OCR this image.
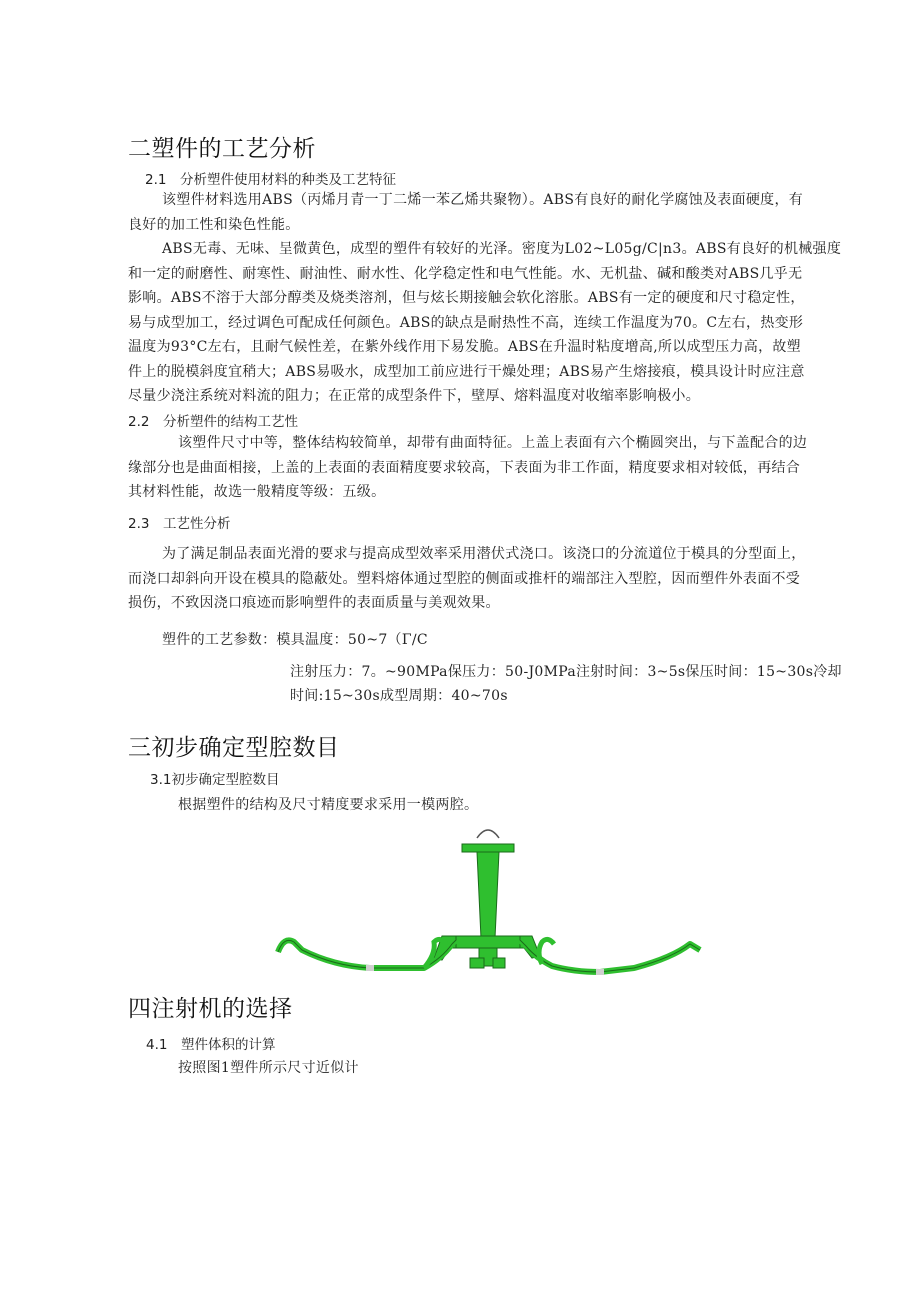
二塑件的工艺分析
2.1　分析塑件使用材料的种类及工艺特征
该塑件材料选用ABS（丙烯月青一丁二烯一苯乙烯共聚物）。ABS有良好的耐化学腐蚀及表面硬度，有
良好的加工性和染色性能。
ABS无毒、无味、呈微黄色，成型的塑件有较好的光泽。密度为L02~L05g/C|n3。ABS有良好的机械强度
和一定的耐磨性、耐寒性、耐油性、耐水性、化学稳定性和电气性能。水、无机盐、碱和酸类对ABS几乎无
影响。ABS不溶于大部分醇类及烧类溶剂，但与炫长期接触会软化溶胀。ABS有一定的硬度和尺寸稳定性，
易与成型加工，经过调色可配成任何颜色。ABS的缺点是耐热性不高，连续工作温度为70。C左右，热变形
温度为93°C左右，且耐气候性差，在紫外线作用下易发脆。ABS在升温时粘度增高,所以成型压力高，故塑
件上的脱模斜度宜稍大；ABS易吸水，成型加工前应进行干燥处理；ABS易产生熔接痕，模具设计时应注意
尽量少浇注系统对料流的阻力；在正常的成型条件下，壁厚、熔料温度对收缩率影响极小。
2.2　分析塑件的结构工艺性
该塑件尺寸中等，整体结构较简单，却带有曲面特征。上盖上表面有六个椭圆突出，与下盖配合的边
缘部分也是曲面相接，上盖的上表面的表面精度要求较高，下表面为非工作面，精度要求相对较低，再结合
其材料性能，故选一般精度等级：五级。
2.3　工艺性分析
为了满足制品表面光滑的要求与提高成型效率采用潜伏式浇口。该浇口的分流道位于模具的分型面上，
而浇口却斜向开设在模具的隐蔽处。塑料熔体通过型腔的侧面或推杆的端部注入型腔，因而塑件外表面不受
损伤，不致因浇口痕迹而影响塑件的表面质量与美观效果。
塑件的工艺参数：模具温度：50~7（Γ∕C
注射压力：7。~90MPa保压力：50-J0MPa注射时间：3~5s保压时间：15~30s冷却
时间:15~30s成型周期：40~70s
三初步确定型腔数目
3.1初步确定型腔数目
根据塑件的结构及尺寸精度要求采用一模两腔。
四注射机的选择
4.1　塑件体积的计算
按照图1塑件所示尺寸近似计
